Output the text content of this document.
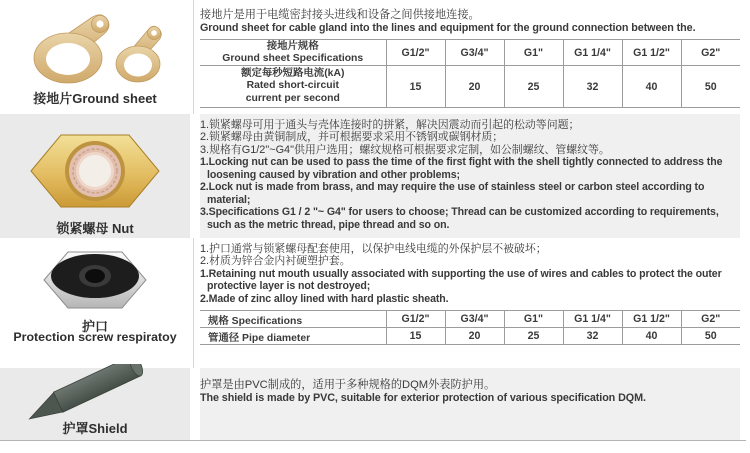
接地片Ground sheet
接地片是用于电缆密封接头进线和设备之间供接地连接。
Ground sheet for cable gland into the lines and equipment for the ground connection between the.
接地片规格
Ground sheet Specifications	G1/2"	G3/4"	G1"	G1 1/4"	G1 1/2"	G2"

额定每秒短路电流(kA)
Rated short-circuit
current per second	15	20	25	32	40	50
锁紧螺母 Nut
1.锁紧螺母可用于通头与壳体连接时的拼紧，解决因震动而引起的松动等问题；
2.锁紧螺母由黄铜制成，并可根据要求采用不锈钢或碳钢材质；
3.规格有G1/2"~G4"供用户选用；螺纹规格可根据要求定制，如公制螺纹、管螺纹等。
1.Locking nut can be used to pass the time of the first fight with the shell tightly connected to address the
loosening caused by vibration and other problems;
2.Lock nut is made from brass, and may require the use of stainless steel or carbon steel according to
material;
3.Specifications G1 / 2 "~ G4" for users to choose; Thread can be customized according to requirements,
such as the metric thread, pipe thread and so on.
护口
Protection screw respiratoy
1.护口通常与锁紧螺母配套使用，以保护电线电缆的外保护层不被破坏；
2.材质为锌合金内衬硬塑护套。
1.Retaining nut mouth usually associated with supporting the use of wires and cables to protect the outer
protective layer is not destroyed;
2.Made of zinc alloy lined with hard plastic sheath.
规格 Specifications	G1/2"	G3/4"	G1"	G1 1/4"	G1 1/2"	G2"
管通径 Pipe diameter	15	20	25	32	40	50
护罩Shield
护罩是由PVC制成的，适用于多种规格的DQM外表防护用。
The shield is made by PVC, suitable for exterior protection of various specification DQM.
